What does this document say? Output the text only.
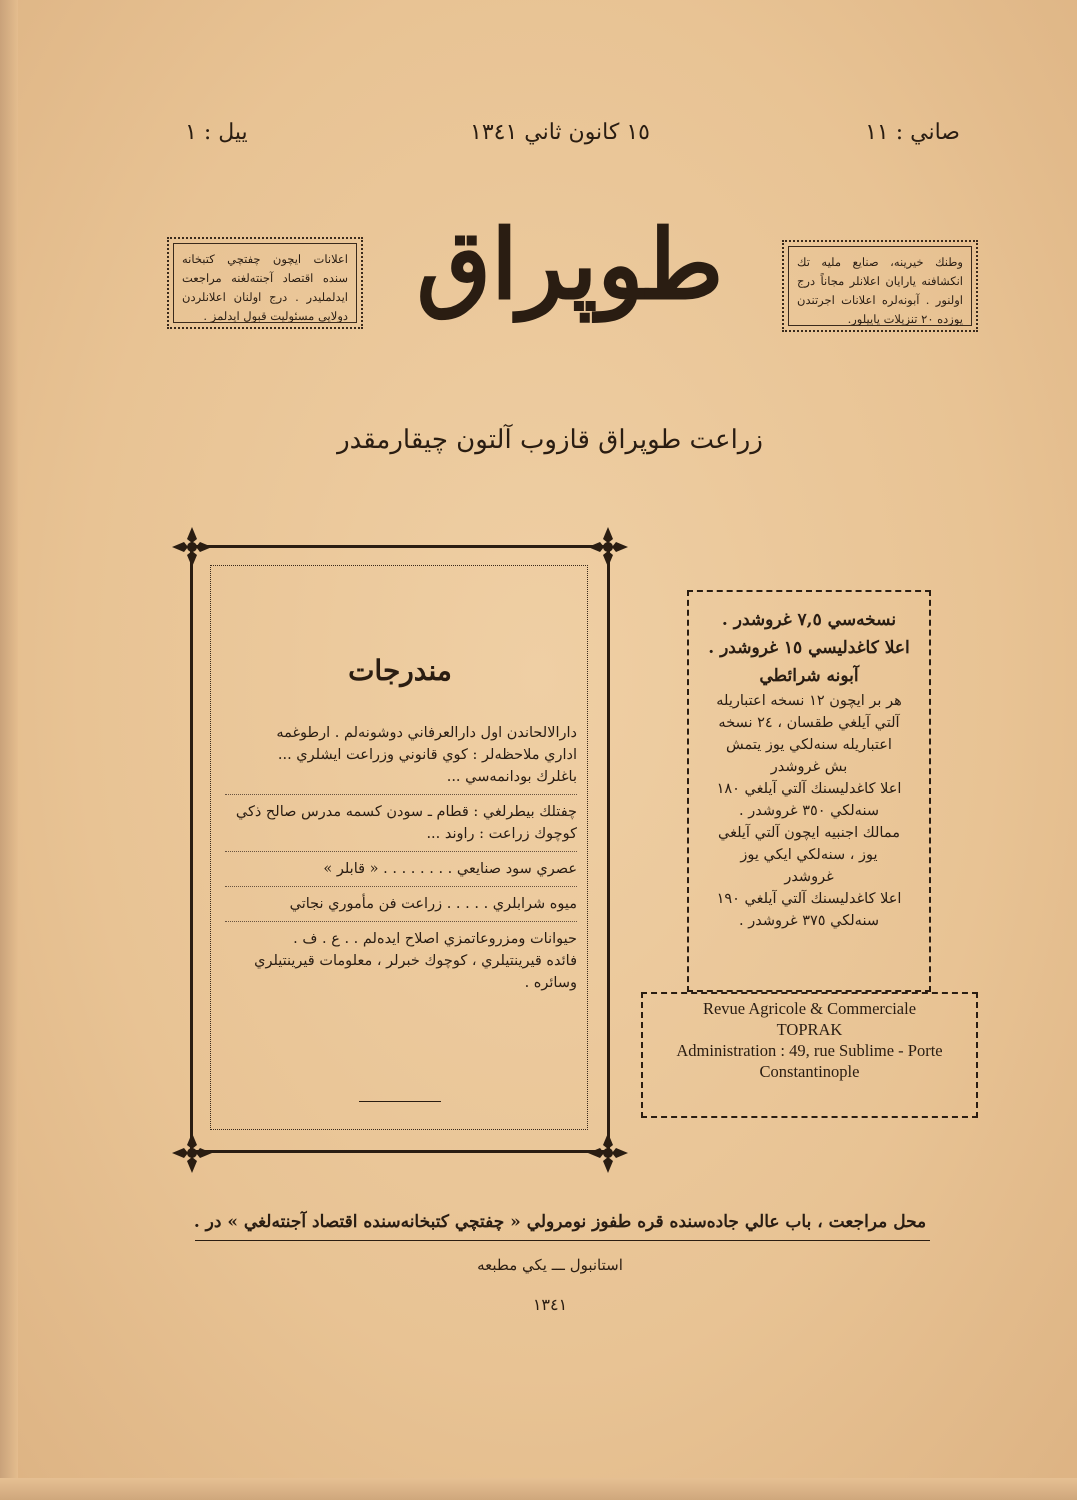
صاني : ١١
١٥ كانون ثاني ١٣٤١
ييل : ١
وطنك خيرينه، صنايع مليه تك انكشافنه يارايان اعلانلر مجاناً درج اولنور . آبونه‌لره اعلانات اجرتندن يوزده ٢٠ تنزيلات ياپيلور.
اعلانات ايچون چفتچي كتبخانه سنده اقتصاد آجنته‌لغنه مراجعت ايدلمليدر . درج اولنان اعلانلردن دولايي مسئوليت قبول ايدلمز . طوپراق
زراعت طوپراق قازوب آلتون چيقارمقدر
مندرجات
دارالالحاندن اول دارالعرفاني دوشونه‌لم . ارطوغمه
اداري ملاحظه‌لر : كوي قانوني وزراعت ايشلري ...
باغلرك بودانمه‌سي ...
چفتلك بيطرلغي : قطام ـ سودن كسمه مدرس صالح ذكي
كوچوك زراعت : راوند ...
عصري سود صنايعي . . . . . . . . « قابلر »
ميوه شرابلري . . . . . زراعت فن مأموري نجاتي
حيوانات ومزروعاتمزي اصلاح ايده‌لم . . ع . ف .
فائده قيرينتيلري ، كوچوك خبرلر ، معلومات قيرينتيلري
وسائره .
نسخه‌سي ٧,٥ غروشدر .
اعلا كاغدليسي ١٥ غروشدر .
آبونه شرائطي
هر بر ايچون ١٢ نسخه اعتباريله
آلتي آيلغي طقسان ، ٢٤ نسخه
اعتباريله سنه‌لكي يوز يتمش
بش غروشدر
اعلا كاغدليسنك آلتي آيلغي ١٨٠
سنه‌لكي ٣٥٠ غروشدر .
ممالك اجنبيه ايچون آلتي آيلغي
يوز ، سنه‌لكي ايكي يوز
غروشدر
اعلا كاغدليسنك آلتي آيلغي ١٩٠
سنه‌لكي ٣٧٥ غروشدر .
Revue Agricole & Commerciale
TOPRAK
Administration : 49, rue Sublime - Porte
Constantinople
محل مراجعت ، باب عالي جاده‌سنده قره طفوز نومرولي « چفتچي كتبخانه‌سنده اقتصاد آجنته‌لغي » در .
استانبول ـــ يكي مطبعه
١٣٤١
